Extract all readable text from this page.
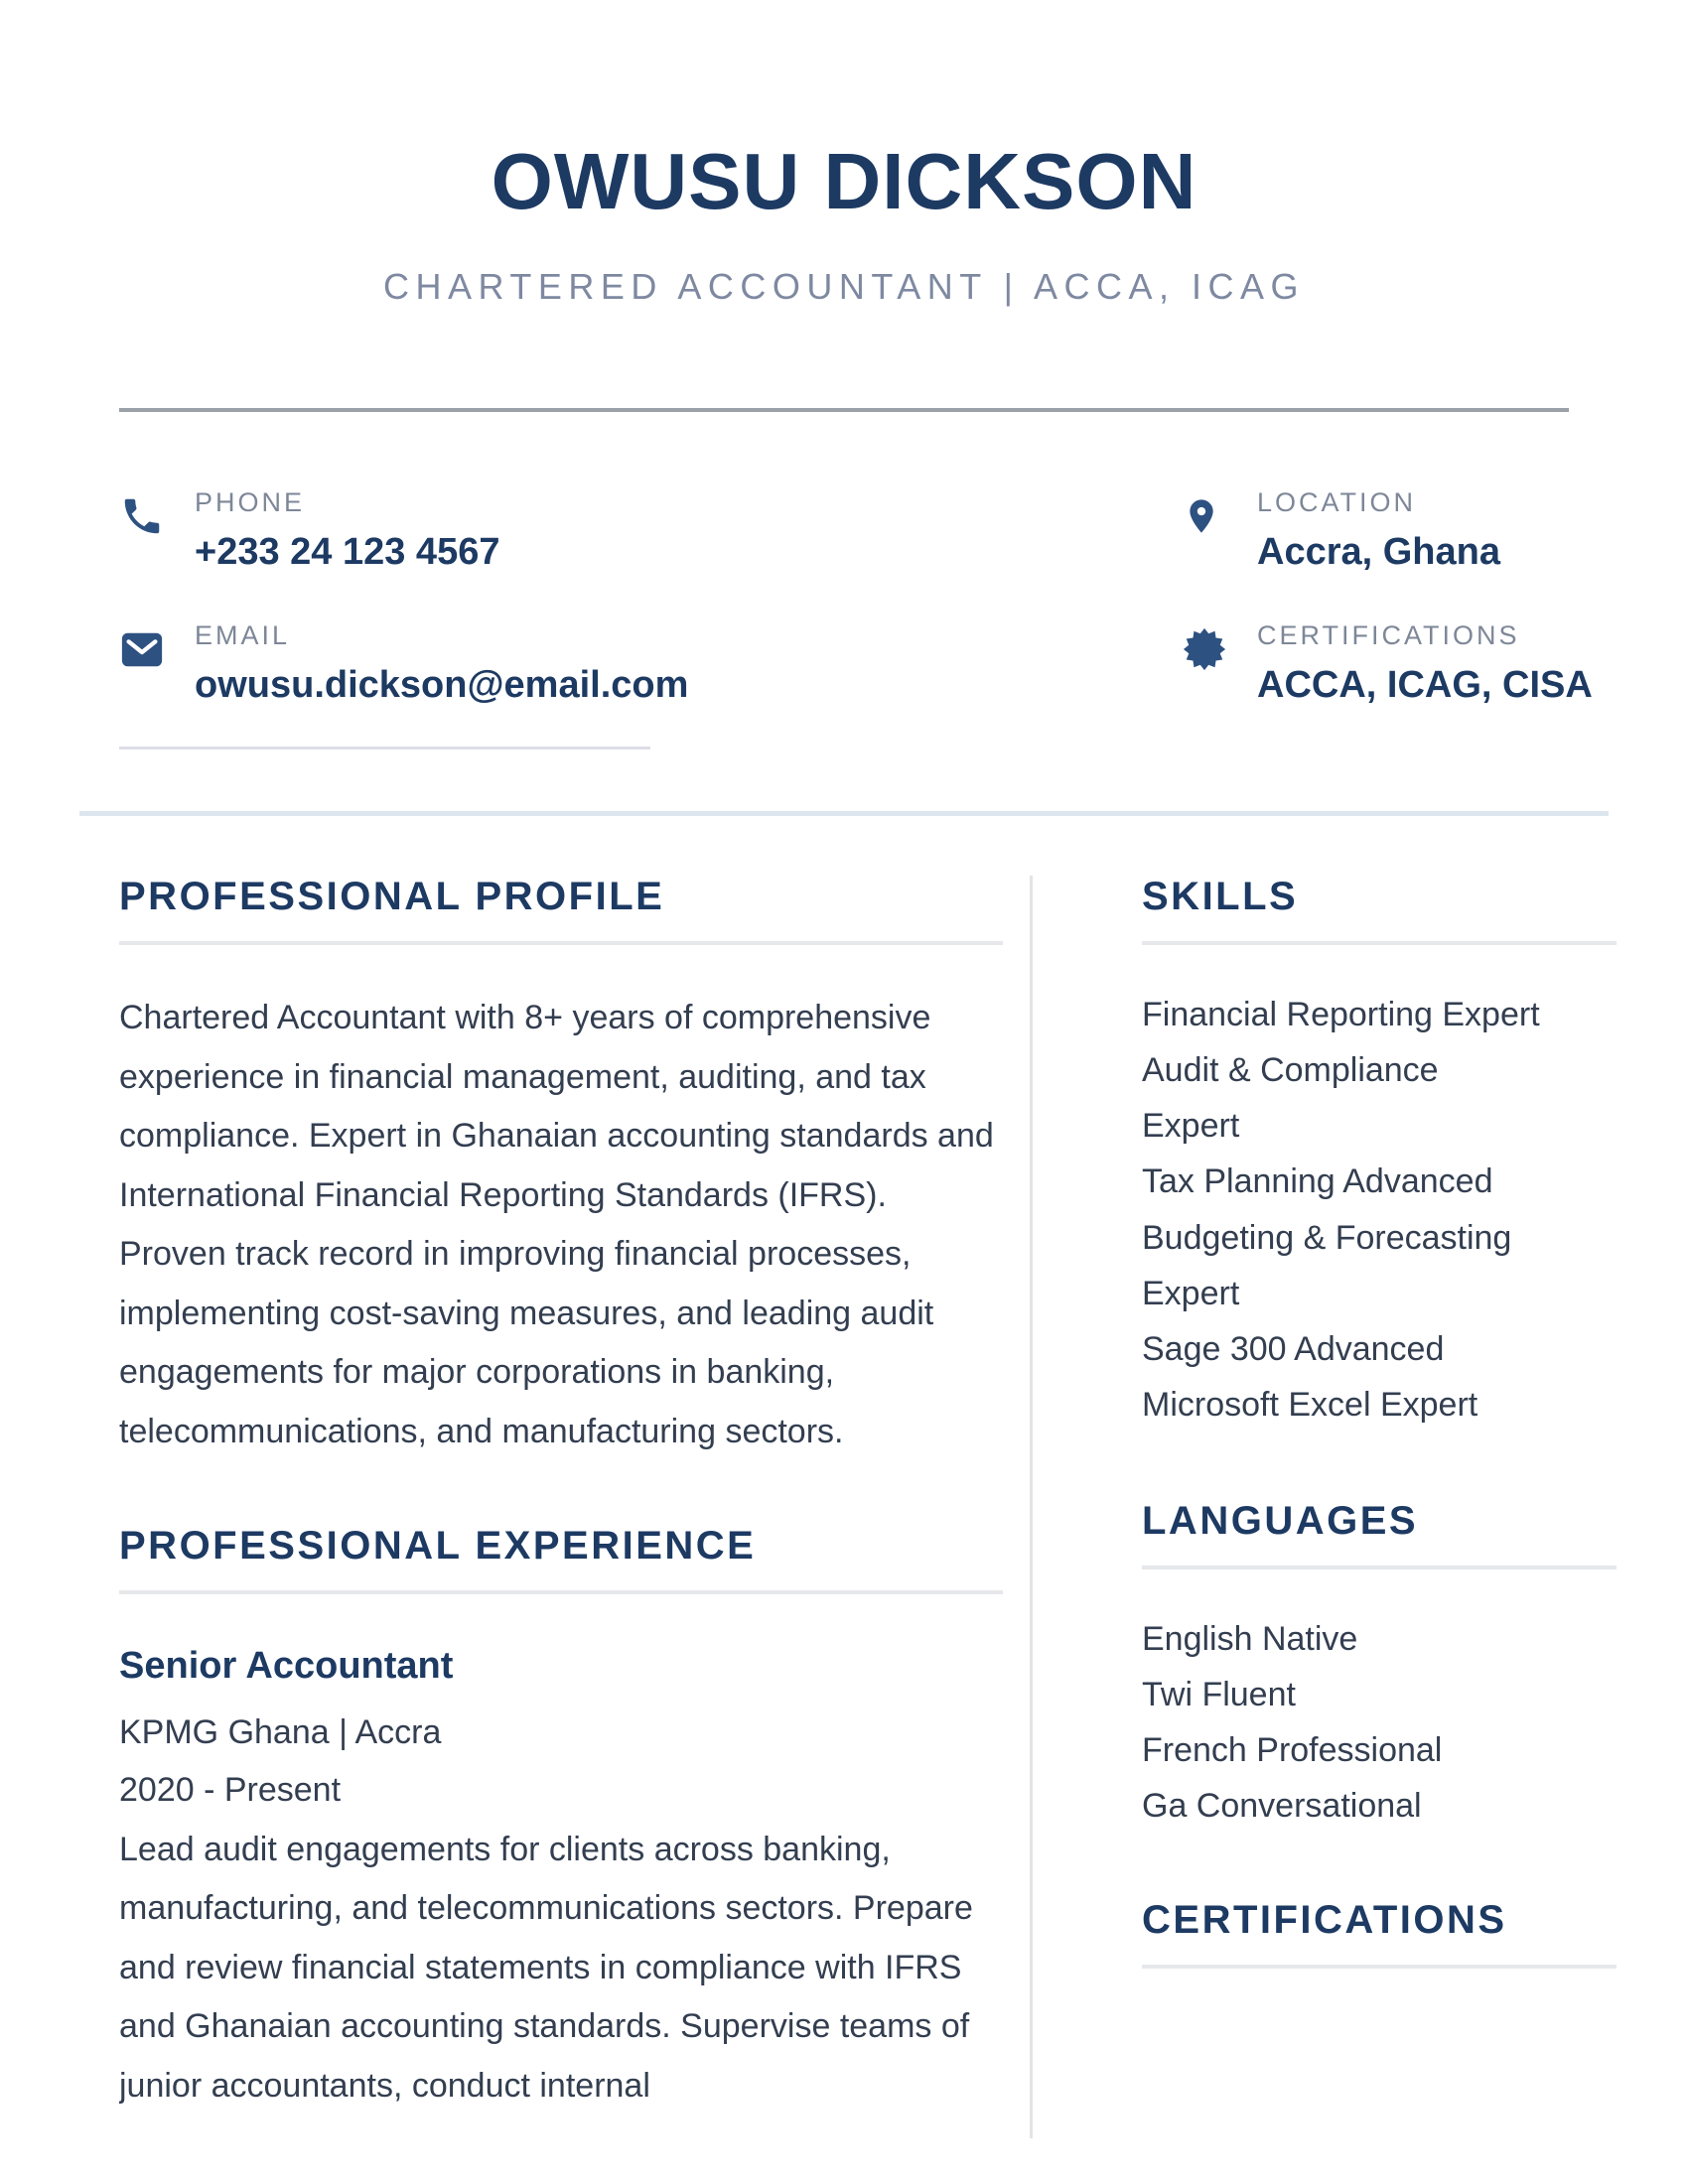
OWUSU DICKSON
CHARTERED ACCOUNTANT | ACCA, ICAG
PHONE
+233 24 123 4567
LOCATION
Accra, Ghana
EMAIL
owusu.dickson@email.com
CERTIFICATIONS
ACCA, ICAG, CISA
PROFESSIONAL PROFILE
Chartered Accountant with 8+ years of comprehensive experience in financial management, auditing, and tax compliance. Expert in Ghanaian accounting standards and International Financial Reporting Standards (IFRS). Proven track record in improving financial processes, implementing cost-saving measures, and leading audit engagements for major corporations in banking, telecommunications, and manufacturing sectors.
PROFESSIONAL EXPERIENCE
Senior Accountant
KPMG Ghana | Accra
2020 - Present
Lead audit engagements for clients across banking, manufacturing, and telecommunications sectors. Prepare and review financial statements in compliance with IFRS and Ghanaian accounting standards. Supervise teams of junior accountants, conduct internal
SKILLS
Financial Reporting Expert
Audit & Compliance
Expert
Tax Planning Advanced
Budgeting & Forecasting
Expert
Sage 300 Advanced
Microsoft Excel Expert
LANGUAGES
English Native
Twi Fluent
French Professional
Ga Conversational
CERTIFICATIONS
